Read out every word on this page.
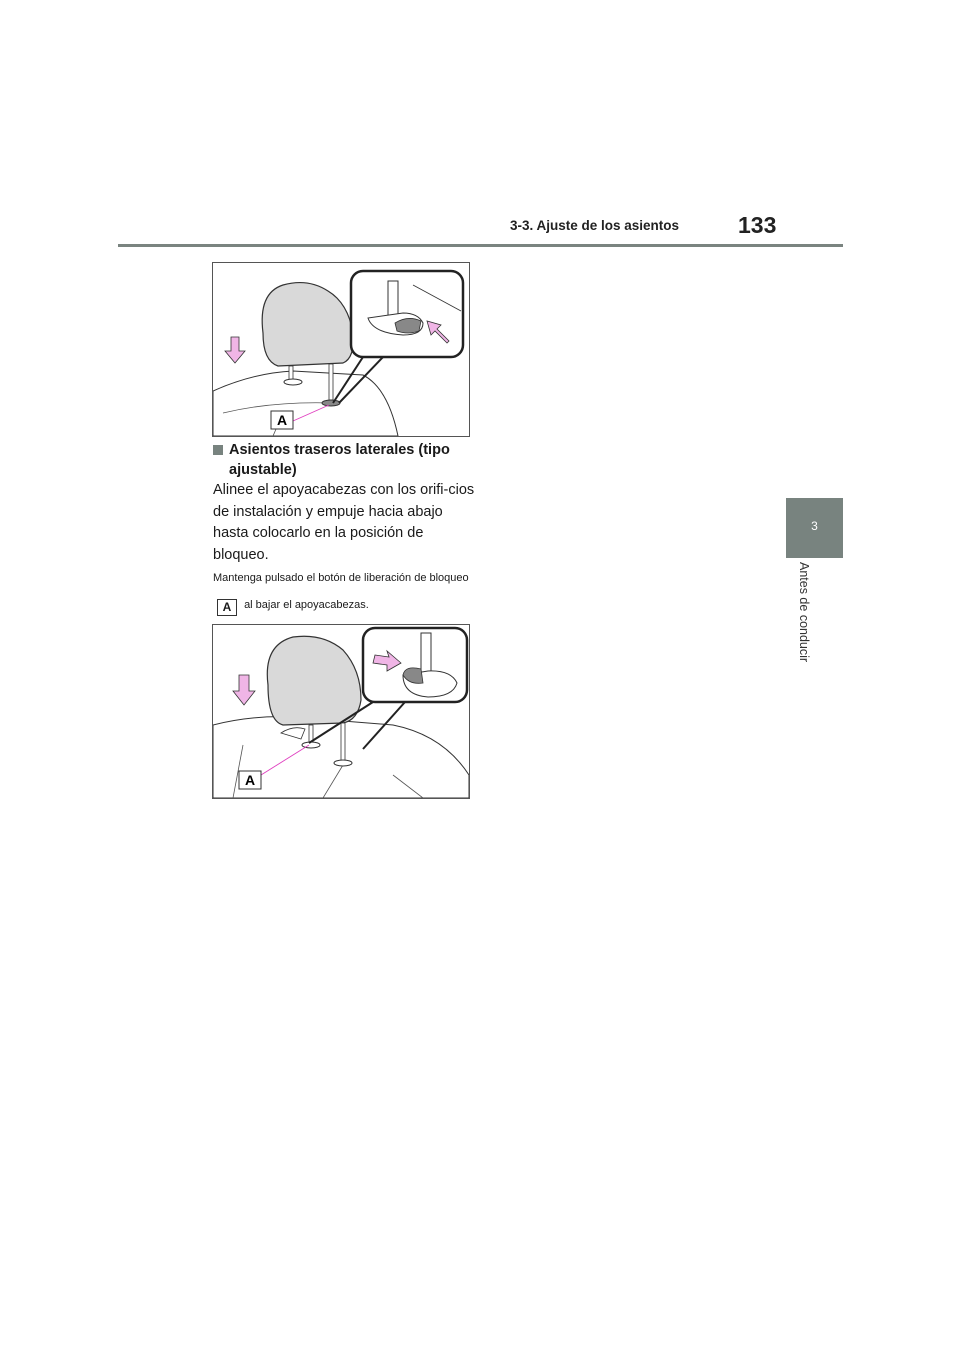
3-3. Ajuste de los asientos	133
3
Antes de conducir
A
Asientos traseros laterales (tipo ajustable)
Alinee el apoyacabezas con los orifi-cios de instalación y empuje hacia abajo hasta colocarlo en la posición de bloqueo.
Mantenga pulsado el botón de liberación de bloqueo A al bajar el apoyacabezas.
A
